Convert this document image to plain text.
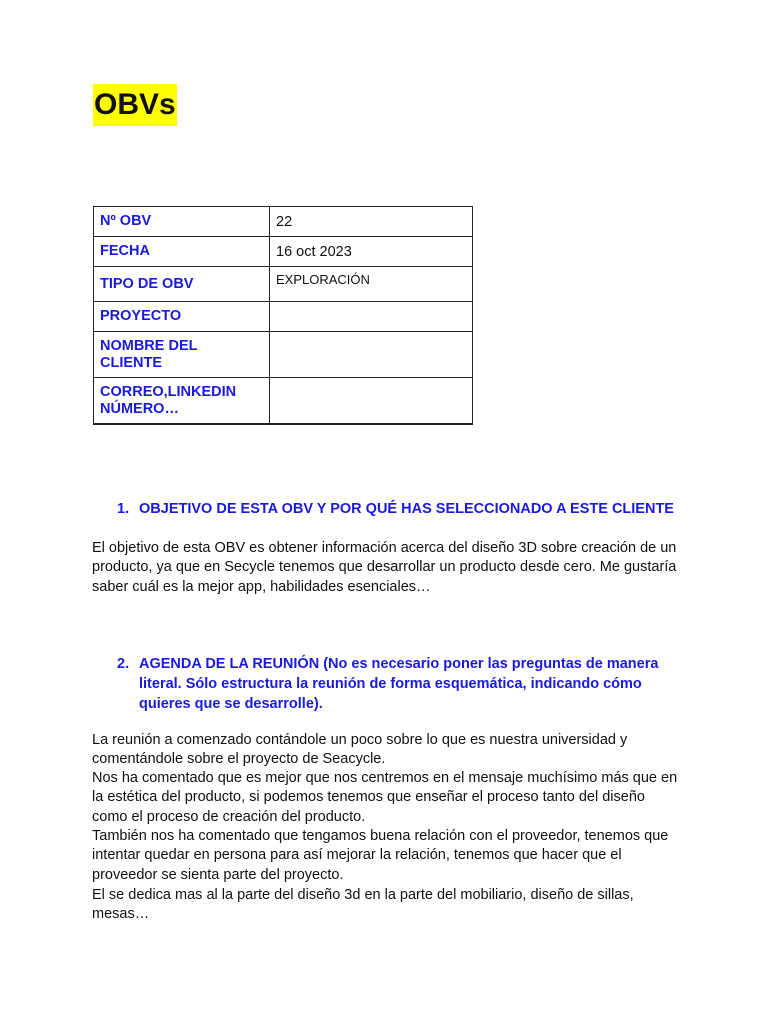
OBVs
Nº OBV	22
FECHA	16 oct 2023
TIPO DE OBV	EXPLORACIÓN
PROYECTO	
NOMBRE DEL CLIENTE	
CORREO,LINKEDIN NÚMERO…	
1. OBJETIVO DE ESTA OBV Y POR QUÉ HAS SELECCIONADO A ESTE CLIENTE

El objetivo de esta OBV es obtener información acerca del diseño 3D sobre creación de un producto, ya que en Secycle tenemos que desarrollar un producto desde cero. Me gustaría saber cuál es la mejor app, habilidades esenciales…

2. AGENDA DE LA REUNIÓN (No es necesario poner las preguntas de manera literal. Sólo estructura la reunión de forma esquemática, indicando cómo quieres que se desarrolle).

La reunión a comenzado contándole un poco sobre lo que es nuestra universidad y comentándole sobre el proyecto de Seacycle.

Nos ha comentado que es mejor que nos centremos en el mensaje muchísimo más que en la estética del producto, si podemos tenemos que enseñar el proceso tanto del diseño como el proceso de creación del producto.

También nos ha comentado que tengamos buena relación con el proveedor, tenemos que intentar quedar en persona para así mejorar la relación, tenemos que hacer que el proveedor se sienta parte del proyecto.

El se dedica mas al la parte del diseño 3d en la parte del mobiliario, diseño de sillas, mesas…
